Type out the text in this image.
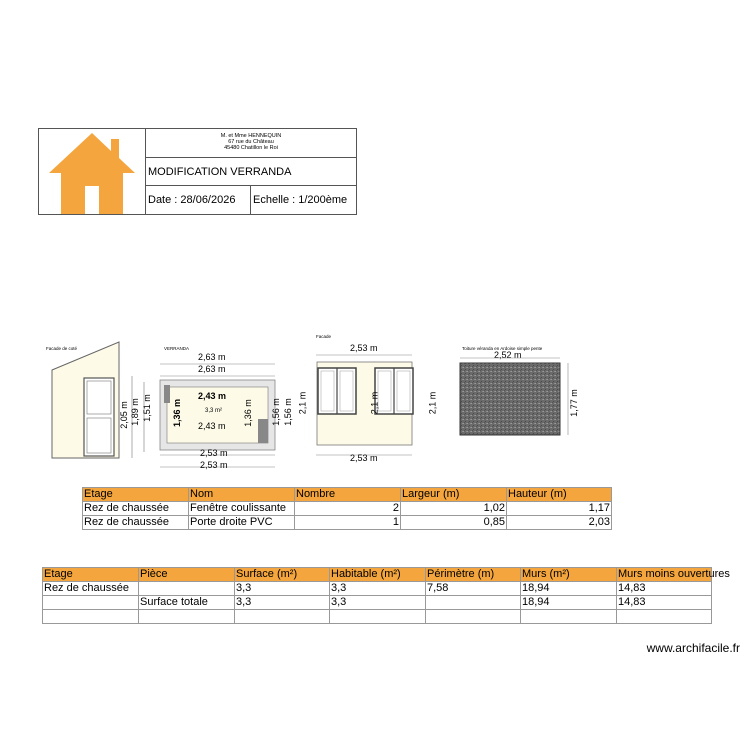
M. et Mme HENNEQUIN
67 rue du Château
45480 Chatillon le Roi
MODIFICATION VERRANDA
Date : 28/06/2026	Echelle : 1/200ème
Facade de coté
2,05 m 1,89 m 1,51 m
VERRANDA
2,63 m
2,63 m
2,43 m
3,3 m²
2,43 m
2,53 m
2,53 m
1,36 m	1,36 m 1,56 m 1,56 m
Facade
2,53 m
2,1 m	2,1 m	2,1 m
2,53 m
Toiture véranda en Ardoise simple pente
2,52 m
1,77 m
Etage	Nom	Nombre	Largeur (m)	Hauteur (m)
Rez de chaussée	Fenêtre coulissante	2	1,02	1,17
Rez de chaussée	Porte droite PVC	1	0,85	2,03
Etage	Pièce	Surface (m²)	Habitable (m²)	Périmètre (m)	Murs (m²)	Murs moins ouvertures
Rez de chaussée		3,3	3,3	7,58	18,94	14,83
	Surface totale	3,3	3,3		18,94	14,83

www.archifacile.fr
